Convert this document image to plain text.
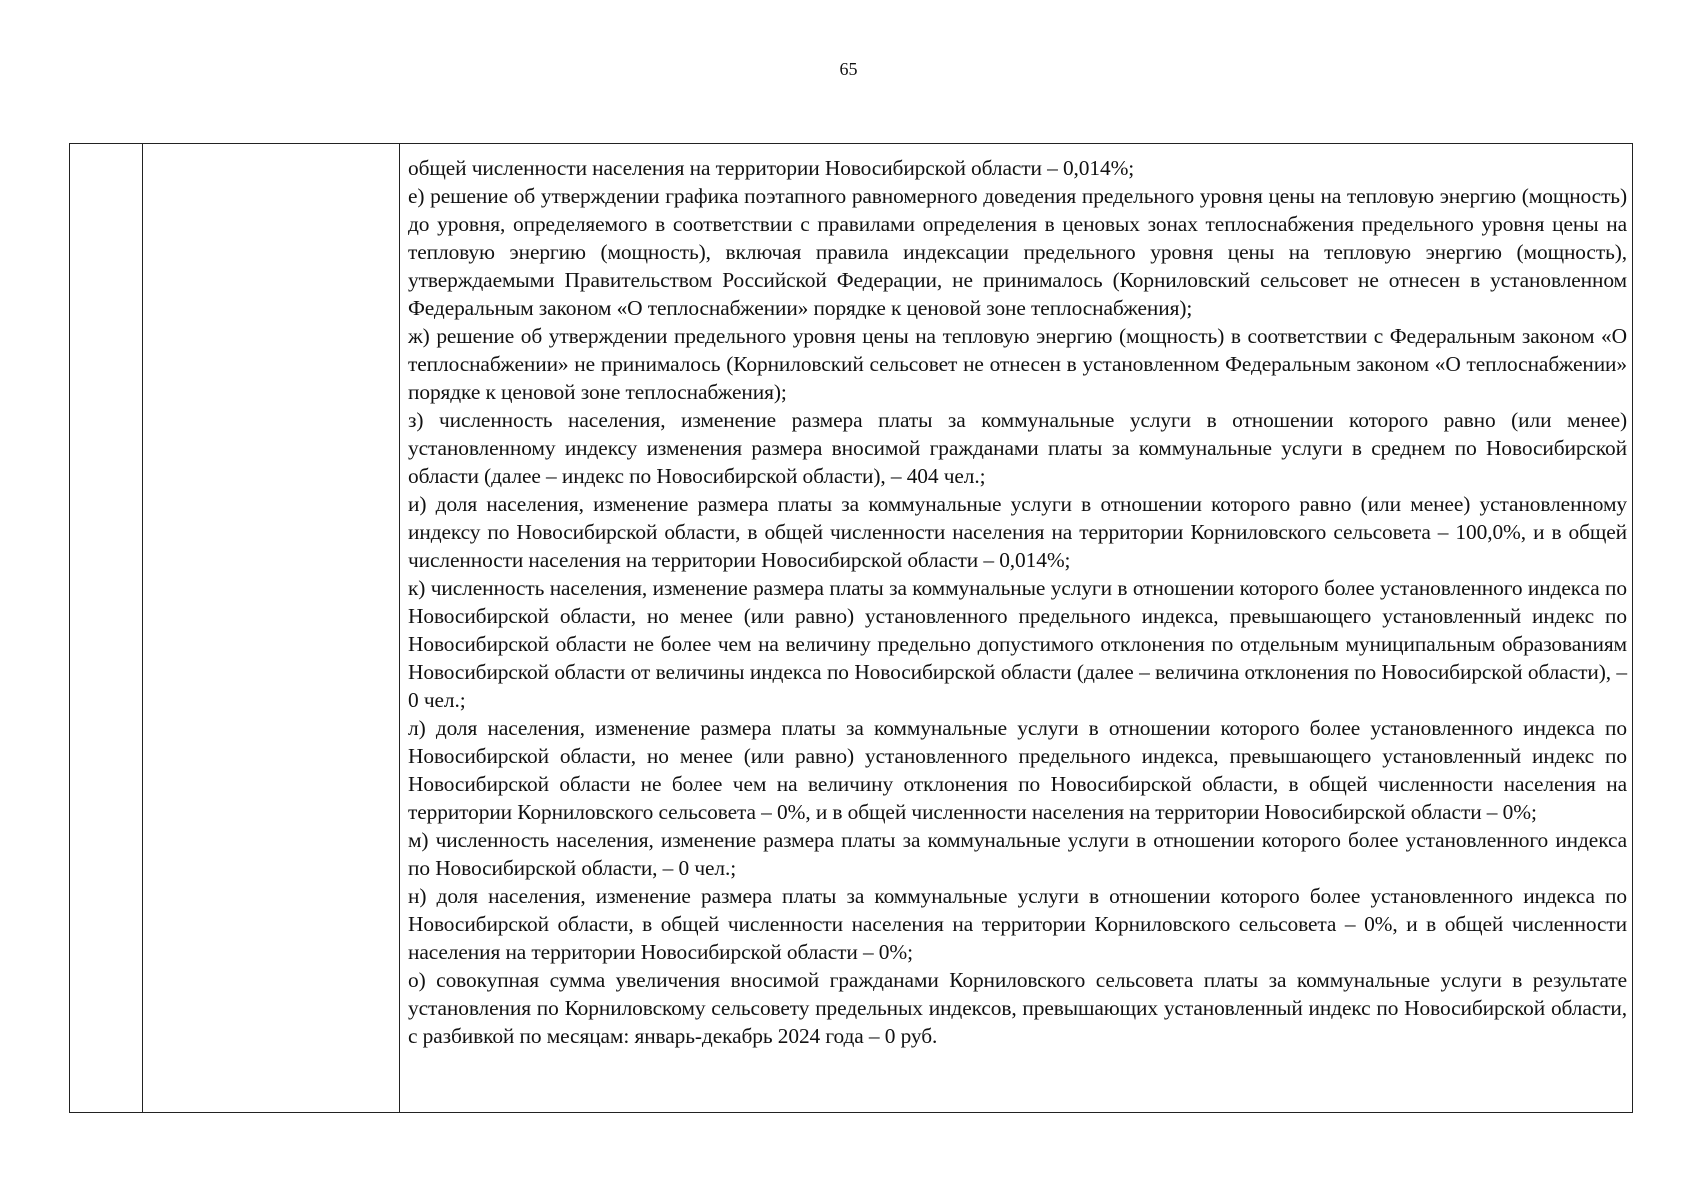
65

общей численности населения на территории Новосибирской области – 0,014%;

е) решение об утверждении графика поэтапного равномерного доведения предельного уровня цены на тепловую энергию (мощность) до уровня, определяемого в соответствии с правилами определения в ценовых зонах теплоснабжения предельного уровня цены на тепловую энергию (мощность), включая правила индексации предельного уровня цены на тепловую энергию (мощность), утверждаемыми Правительством Российской Федерации, не принималось (Корниловский сельсовет не отнесен в установленном Федеральным законом «О теплоснабжении» порядке к ценовой зоне теплоснабжения);

ж) решение об утверждении предельного уровня цены на тепловую энергию (мощность) в соответствии с Федеральным законом «О теплоснабжении» не принималось (Корниловский сельсовет не отнесен в установленном Федеральным законом «О теплоснабжении» порядке к ценовой зоне теплоснабжения);

з) численность населения, изменение размера платы за коммунальные услуги в отношении которого равно (или менее) установленному индексу изменения размера вносимой гражданами платы за коммунальные услуги в среднем по Новосибирской области (далее – индекс по Новосибирской области), – 404 чел.;

и) доля населения, изменение размера платы за коммунальные услуги в отношении которого равно (или менее) установленному индексу по Новосибирской области, в общей численности населения на территории Корниловского сельсовета – 100,0%, и в общей численности населения на территории Новосибирской области – 0,014%;

к) численность населения, изменение размера платы за коммунальные услуги в отношении которого более установленного индекса по Новосибирской области, но менее (или равно) установленного предельного индекса, превышающего установленный индекс по Новосибирской области не более чем на величину предельно допустимого отклонения по отдельным муниципальным образованиям Новосибирской области от величины индекса по Новосибирской области (далее – величина отклонения по Новосибирской области), – 0 чел.;

л) доля населения, изменение размера платы за коммунальные услуги в отношении которого более установленного индекса по Новосибирской области, но менее (или равно) установленного предельного индекса, превышающего установленный индекс по Новосибирской области не более чем на величину отклонения по Новосибирской области, в общей численности населения на территории Корниловского сельсовета – 0%, и в общей численности населения на территории Новосибирской области – 0%;

м) численность населения, изменение размера платы за коммунальные услуги в отношении которого более установленного индекса по Новосибирской области, – 0 чел.;

н) доля населения, изменение размера платы за коммунальные услуги в отношении которого более установленного индекса по Новосибирской области, в общей численности населения на территории Корниловского сельсовета – 0%, и в общей численности населения на территории Новосибирской области – 0%;

о) совокупная сумма увеличения вносимой гражданами Корниловского сельсовета платы за коммунальные услуги в результате установления по Корниловскому сельсовету предельных индексов, превышающих установленный индекс по Новосибирской области, с разбивкой по месяцам: январь-декабрь 2024 года – 0 руб.
